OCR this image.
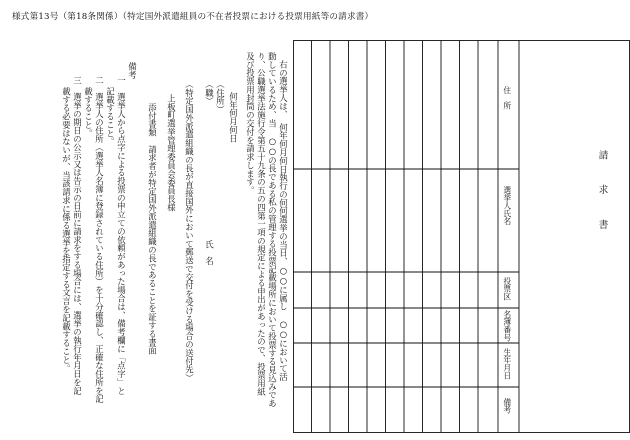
様式第13号（第18条関係）（特定国外派遣組員の不在者投票における投票用紙等の請求書）
右の選挙人は、　何年何月何日執行の何何選挙の当日、○○に属し　○○において活
動しているため、当　○○の長である私の管理する投票記載場所において投票する見込みであ
り、公職選挙法施行令第五十九条の五の四第一項の規定による申出があったので、投票用紙
及び投票用封筒の交付を請求します。
何年何月何日
（住所）
（職）
氏　名
（特定国外派遣組織の長が直接国外において郵送で交付を受ける場合の送付先）
上板町選挙管理委員会委員長様
添付書類　請求者が特定国外派遣組織の長であることを証する書面
備考
一　選挙人から点字による投票の申立ての依頼があった場合は、備考欄に「点字」と
記載すること。
二　選挙人の住所（選挙人名簿に登録されている住所）を十分確認し、正確な住所を記
載すること。
三　選挙の期日の公示又は告示の日前に請求をする場合には、選挙の執行年月日を記
載する必要はないが、当該請求に係る選挙を指定する文言を記載すること。	住　所
選挙人氏名
投票区
名簿番号
生年月日
備考
請　　求　　書
